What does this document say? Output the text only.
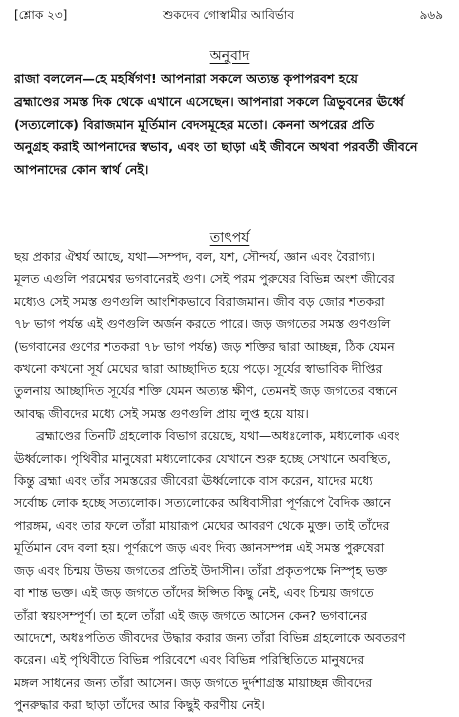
[শ্লোক ২৩]	শুকদেব গোস্বামীর আবির্ভাব	৯৬৯
অনুবাদ
রাজা বললেন—হে মহর্ষিগণ! আপনারা সকলে অত্যন্ত কৃপাপরবশ হয়ে
ব্রহ্মাণ্ডের সমস্ত দিক থেকে এখানে এসেছেন। আপনারা সকলে ত্রিভুবনের ঊর্ধ্বে
(সত্যলোকে) বিরাজমান মূর্তিমান বেদসমূহের মতো। কেননা অপরের প্রতি
অনুগ্রহ করাই আপনাদের স্বভাব, এবং তা ছাড়া এই জীবনে অথবা পরবর্তী জীবনে
আপনাদের কোন স্বার্থ নেই।
তাৎপর্য
ছয় প্রকার ঐশ্বর্য আছে, যথা—সম্পদ, বল, যশ, সৌন্দর্য, জ্ঞান এবং বৈরাগ্য।
মূলত এগুলি পরমেশ্বর ভগবানেরই গুণ। সেই পরম পুরুষের বিভিন্ন অংশ জীবের
মধ্যেও সেই সমস্ত গুণগুলি আংশিকভাবে বিরাজমান। জীব বড় জোর শতকরা
৭৮ ভাগ পর্যন্ত এই গুণগুলি অর্জন করতে পারে। জড় জগতের সমস্ত গুণগুলি
(ভগবানের গুণের শতকরা ৭৮ ভাগ পর্যন্ত) জড় শক্তির দ্বারা আচ্ছন্ন, ঠিক যেমন
কখনো কখনো সূর্য মেঘের দ্বারা আচ্ছাদিত হয়ে পড়ে। সূর্যের স্বাভাবিক দীপ্তির
তুলনায় আচ্ছাদিত সূর্যের শক্তি যেমন অত্যন্ত ক্ষীণ, তেমনই জড় জগতের বন্ধনে
আবদ্ধ জীবদের মধ্যে সেই সমস্ত গুণগুলি প্রায় লুপ্ত হয়ে যায়।
ব্রহ্মাণ্ডের তিনটি গ্রহলোক বিভাগ রয়েছে, যথা—অধঃলোক, মধ্যলোক এবং
ঊর্ধ্বলোক। পৃথিবীর মানুষেরা মধ্যলোকের যেখানে শুরু হচ্ছে সেখানে অবস্থিত,
কিন্তু ব্রহ্মা এবং তাঁর সমস্তরের জীবেরা ঊর্ধ্বলোকে বাস করেন, যাদের মধ্যে
সর্বোচ্চ লোক হচ্ছে সত্যলোক। সত্যলোকের অধিবাসীরা পূর্ণরূপে বৈদিক জ্ঞানে
পারঙ্গম, এবং তার ফলে তাঁরা মায়ারূপ মেঘের আবরণ থেকে মুক্ত। তাই তাঁদের
মূর্তিমান বেদ বলা হয়। পূর্ণরূপে জড় এবং দিব্য জ্ঞানসম্পন্ন এই সমস্ত পুরুষেরা
জড় এবং চিন্ময় উভয় জগতের প্রতিই উদাসীন। তাঁরা প্রকৃতপক্ষে নিস্পৃহ ভক্ত
বা শান্ত ভক্ত। এই জড় জগতে তাঁদের ঈপ্সিত কিছু নেই, এবং চিন্ময় জগতে
তাঁরা স্বয়ংসম্পূর্ণ। তা হলে তাঁরা এই জড় জগতে আসেন কেন? ভগবানের
আদেশে, অধঃপতিত জীবদের উদ্ধার করার জন্য তাঁরা বিভিন্ন গ্রহলোকে অবতরণ
করেন। এই পৃথিবীতে বিভিন্ন পরিবেশে এবং বিভিন্ন পরিস্থিতিতে মানুষদের
মঙ্গল সাধনের জন্য তাঁরা আসেন। জড় জগতে দুর্দশাগ্রস্ত মায়াচ্ছন্ন জীবদের
পুনরুদ্ধার করা ছাড়া তাঁদের আর কিছুই করণীয় নেই।
